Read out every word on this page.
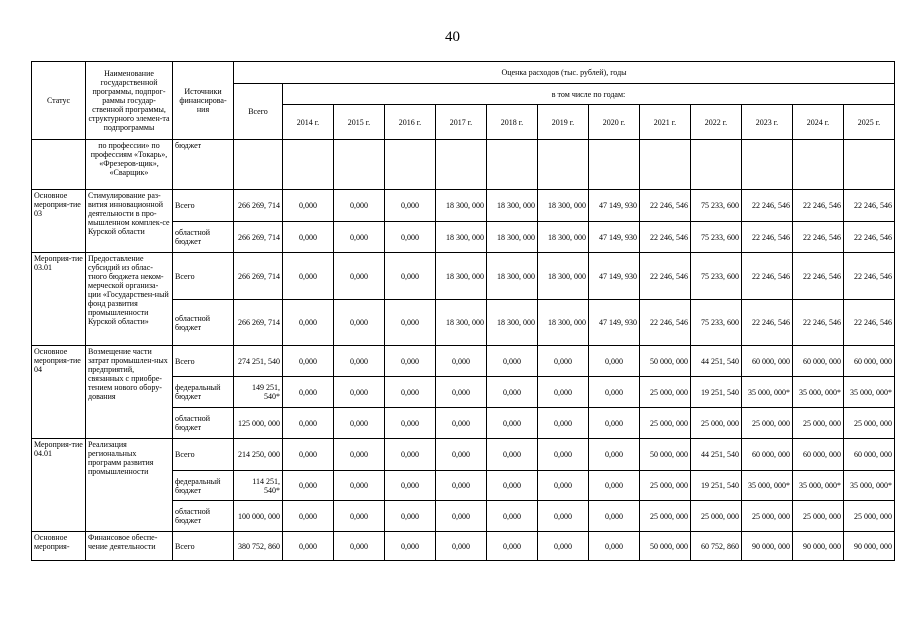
40
Статус	Наименование государственной программы, подпрог-раммы государ-ственной программы, структурного элемен-та подпрограммы	Источники финансирова-ния	Оценка расходов (тыс. рублей), годы												
			Всего	в том числе по годам:											
				2014 г.	2015 г.	2016 г.	2017 г.	2018 г.	2019 г.	2020 г.	2021 г.	2022 г.	2023 г.	2024 г.	2025 г.
	по профессии» по профессиям «Токарь», «Фрезеров-щик», «Сварщик»	бюджет													
Основное мероприя-тие 03	Стимулирование раз-вития инновационной деятельности в про-мышленном комплек-се Курской области	Всего	266 269, 714	0,000	0,000	0,000	18 300, 000	18 300, 000	18 300, 000	47 149, 930	22 246, 546	75 233, 600	22 246, 546	22 246, 546	22 246, 546
		областной бюджет	266 269, 714	0,000	0,000	0,000	18 300, 000	18 300, 000	18 300, 000	47 149, 930	22 246, 546	75 233, 600	22 246, 546	22 246, 546	22 246, 546
Мероприя-тие 03.01	Предоставление субсидий из облас-тного бюджета неком-мерческой организа-ции «Государствен-ный фонд развития промышленности Курской области»	Всего	266 269, 714	0,000	0,000	0,000	18 300, 000	18 300, 000	18 300, 000	47 149, 930	22 246, 546	75 233, 600	22 246, 546	22 246, 546	22 246, 546
		областной бюджет	266 269, 714	0,000	0,000	0,000	18 300, 000	18 300, 000	18 300, 000	47 149, 930	22 246, 546	75 233, 600	22 246, 546	22 246, 546	22 246, 546
Основное мероприя-тие 04	Возмещение части затрат промышлен-ных предприятий, связанных с приобре-тением нового обору-дования	Всего	274 251, 540	0,000	0,000	0,000	0,000	0,000	0,000	0,000	50 000, 000	44 251, 540	60 000, 000	60 000, 000	60 000, 000
		федеральный бюджет	149 251, 540*	0,000	0,000	0,000	0,000	0,000	0,000	0,000	25 000, 000	19 251, 540	35 000, 000*	35 000, 000*	35 000, 000*
		областной бюджет	125 000, 000	0,000	0,000	0,000	0,000	0,000	0,000	0,000	25 000, 000	25 000, 000	25 000, 000	25 000, 000	25 000, 000
Мероприя-тие 04.01	Реализация региональных программ развития промышленности	Всего	214 250, 000	0,000	0,000	0,000	0,000	0,000	0,000	0,000	50 000, 000	44 251, 540	60 000, 000	60 000, 000	60 000, 000
		федеральный бюджет	114 251, 540*	0,000	0,000	0,000	0,000	0,000	0,000	0,000	25 000, 000	19 251, 540	35 000, 000*	35 000, 000*	35 000, 000*
		областной бюджет	100 000, 000	0,000	0,000	0,000	0,000	0,000	0,000	0,000	25 000, 000	25 000, 000	25 000, 000	25 000, 000	25 000, 000
Основное мероприя-	Финансовое обеспе-чение деятельности	Всего	380 752, 860	0,000	0,000	0,000	0,000	0,000	0,000	0,000	50 000, 000	60 752, 860	90 000, 000	90 000, 000	90 000, 000
